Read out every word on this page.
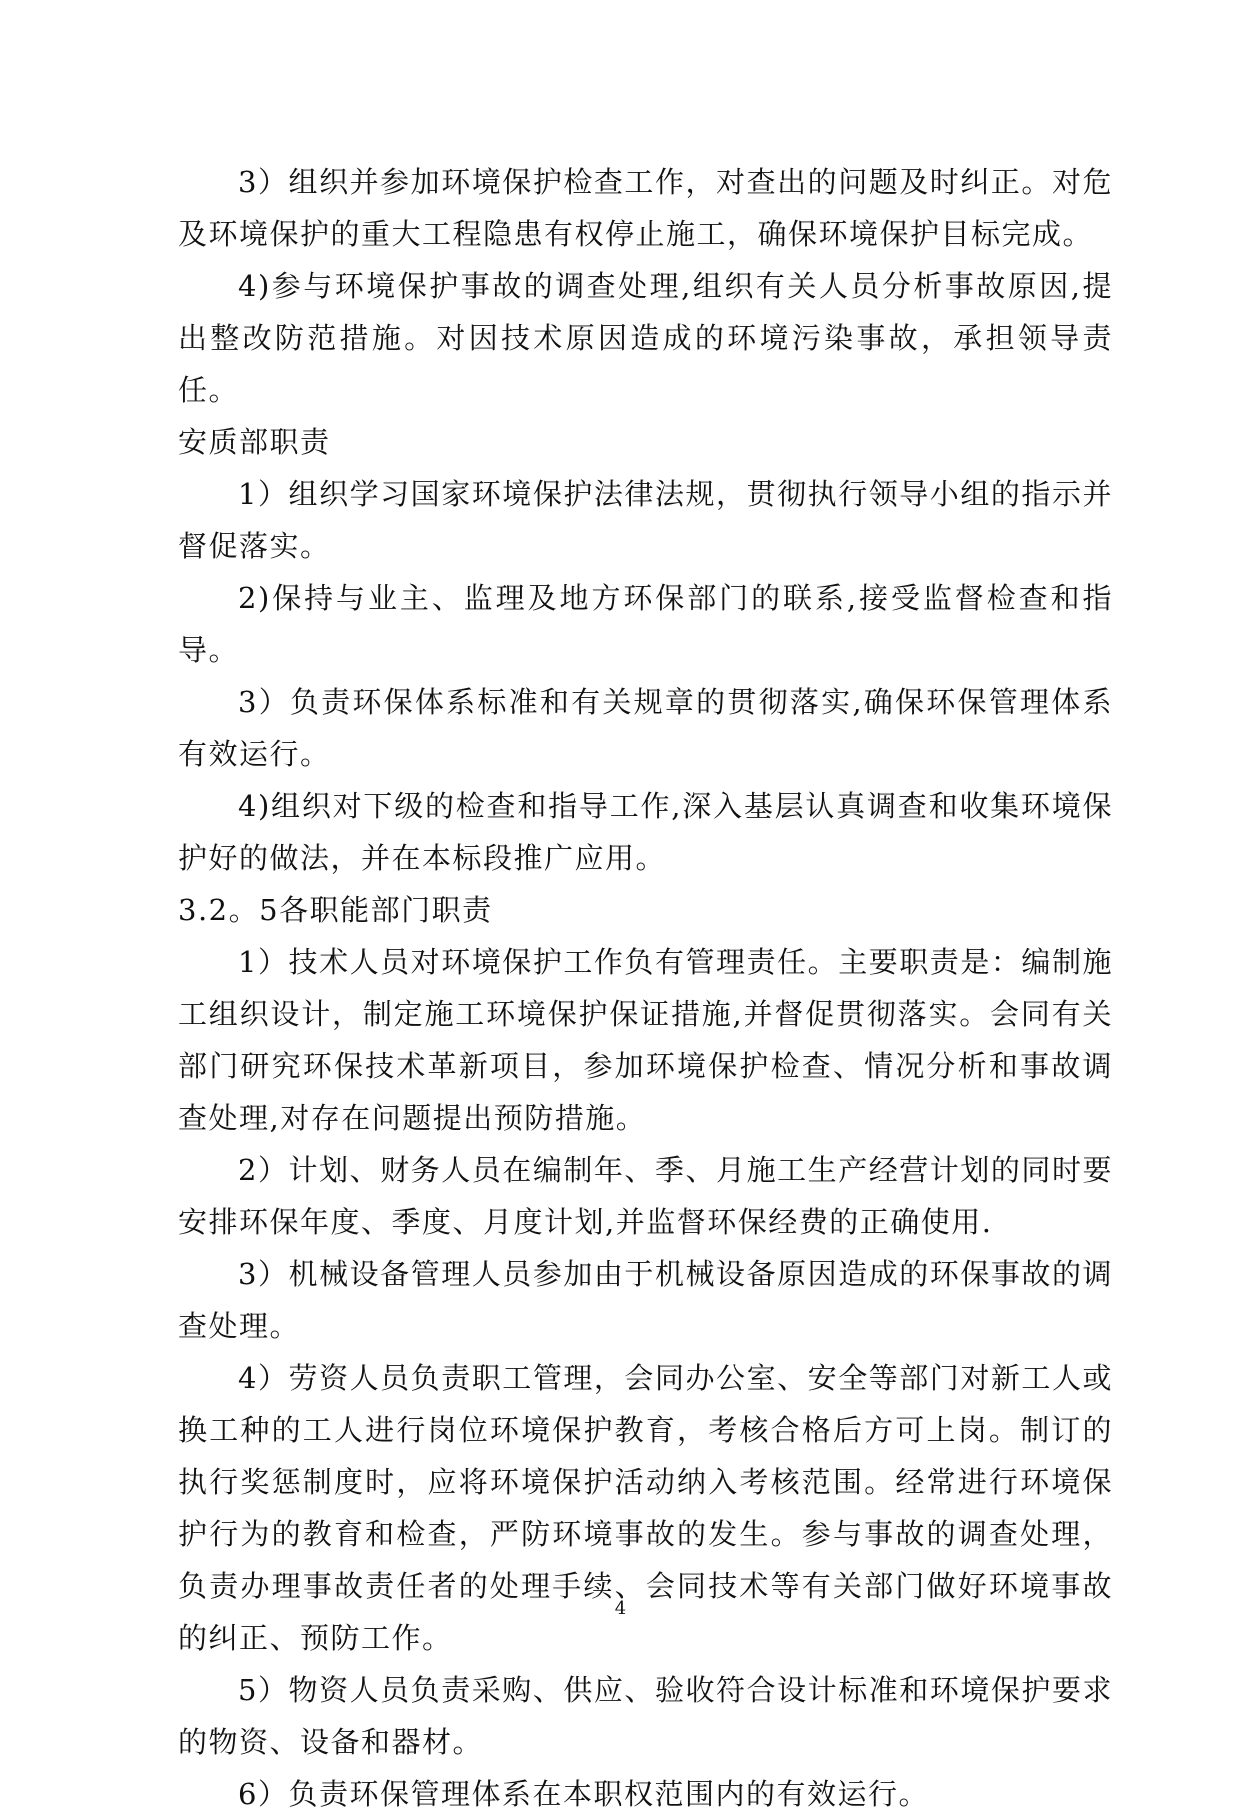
3）组织并参加环境保护检查工作，对查出的问题及时纠正。对危及环境保护的重大工程隐患有权停止施工，确保环境保护目标完成。

4)参与环境保护事故的调查处理,组织有关人员分析事故原因,提出整改防范措施。对因技术原因造成的环境污染事故，承担领导责任。

安质部职责

1）组织学习国家环境保护法律法规，贯彻执行领导小组的指示并督促落实。

2)保持与业主、监理及地方环保部门的联系,接受监督检查和指导。

3）负责环保体系标准和有关规章的贯彻落实,确保环保管理体系有效运行。

4)组织对下级的检查和指导工作,深入基层认真调查和收集环境保护好的做法，并在本标段推广应用。

3.2。5各职能部门职责

1）技术人员对环境保护工作负有管理责任。主要职责是：编制施工组织设计，制定施工环境保护保证措施,并督促贯彻落实。会同有关部门研究环保技术革新项目，参加环境保护检查、情况分析和事故调查处理,对存在问题提出预防措施。

2）计划、财务人员在编制年、季、月施工生产经营计划的同时要安排环保年度、季度、月度计划,并监督环保经费的正确使用.

3）机械设备管理人员参加由于机械设备原因造成的环保事故的调查处理。

4）劳资人员负责职工管理，会同办公室、安全等部门对新工人或换工种的工人进行岗位环境保护教育，考核合格后方可上岗。制订的执行奖惩制度时，应将环境保护活动纳入考核范围。经常进行环境保护行为的教育和检查，严防环境事故的发生。参与事故的调查处理，负责办理事故责任者的处理手续、会同技术等有关部门做好环境事故的纠正、预防工作。

5）物资人员负责采购、供应、验收符合设计标准和环境保护要求的物资、设备和器材。

6）负责环保管理体系在本职权范围内的有效运行。

4
